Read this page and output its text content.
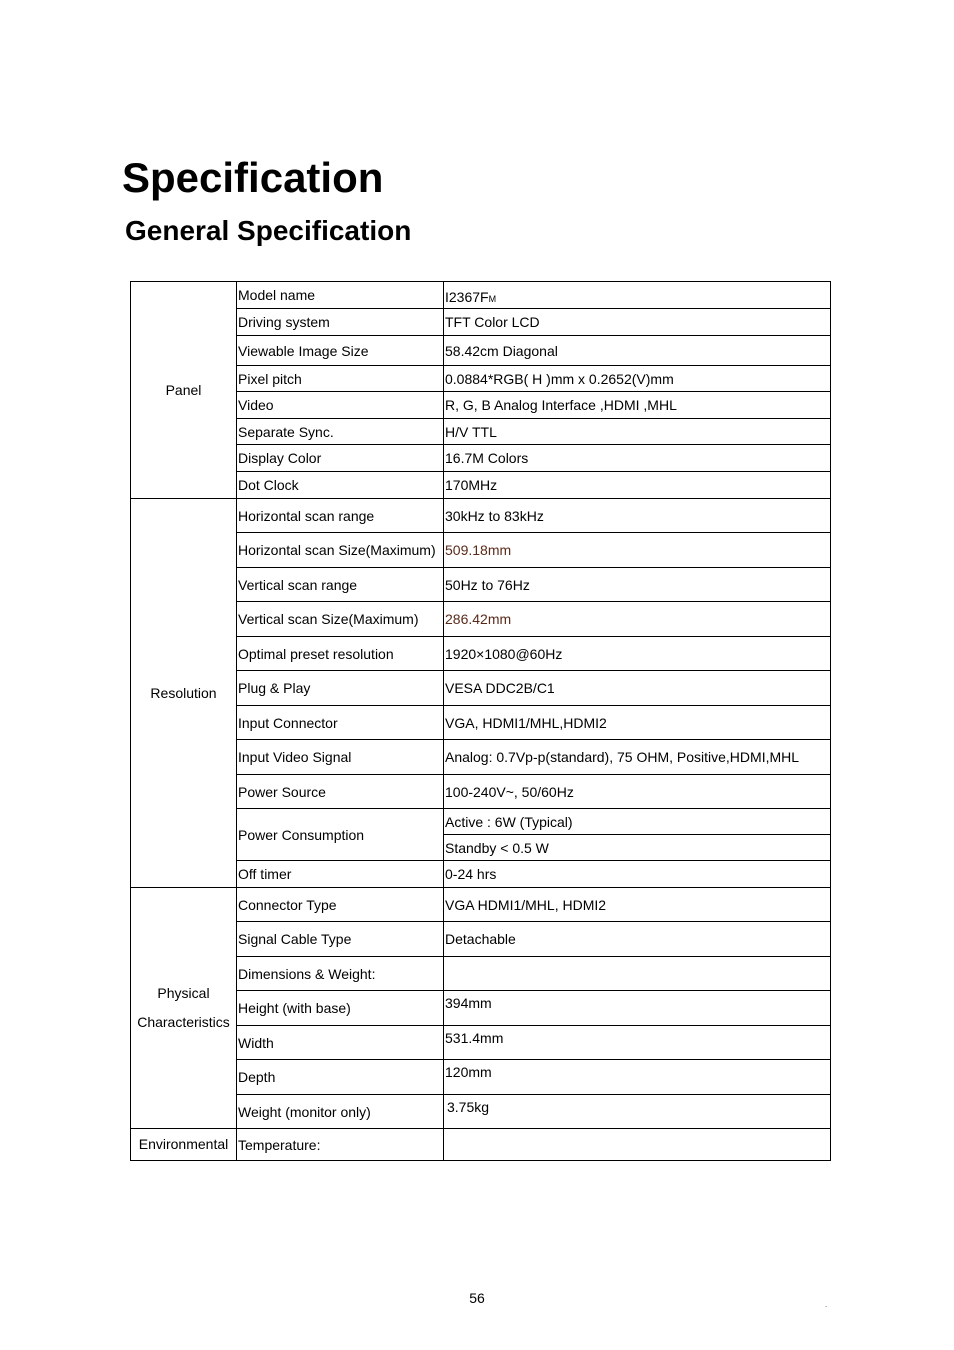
Specification
General Specification
Panel	Model name	$I2367F_M$
	Driving system	TFT Color LCD
	Viewable Image Size	58.42cm Diagonal
	Pixel pitch	0.0884*RGB( H )mm x 0.2652(V)mm
	Video	R, G, B Analog Interface ,HDMI ,MHL
	Separate Sync.	H/V TTL
	Display Color	16.7M Colors
	Dot Clock	170MHz
Resolution	Horizontal scan range	30kHz to 83kHz
	Horizontal scan Size(Maximum)	509.18mm
	Vertical scan range	50Hz to 76Hz
	Vertical scan Size(Maximum)	286.42mm
	Optimal preset resolution	1920×1080@60Hz
	Plug & Play	VESA DDC2B/C1
	Input Connector	VGA, HDMI1/MHL,HDMI2
	Input Video Signal	Analog: 0.7Vp-p(standard), 75 OHM, Positive,HDMI,MHL
	Power Source	100-240V~, 50/60Hz
	Power Consumption	Active : 6W (Typical)
		Standby < 0.5 W
	Off timer	0-24 hrs
Physical
Characteristics	Connector Type	VGA HDMI1/MHL, HDMI2
	Signal Cable Type	Detachable
	Dimensions & Weight:	
	Height (with base)	394mm
	Width	531.4mm
	Depth	120mm
	Weight (monitor only)	3.75kg
Environmental	Temperature:	
56	.
